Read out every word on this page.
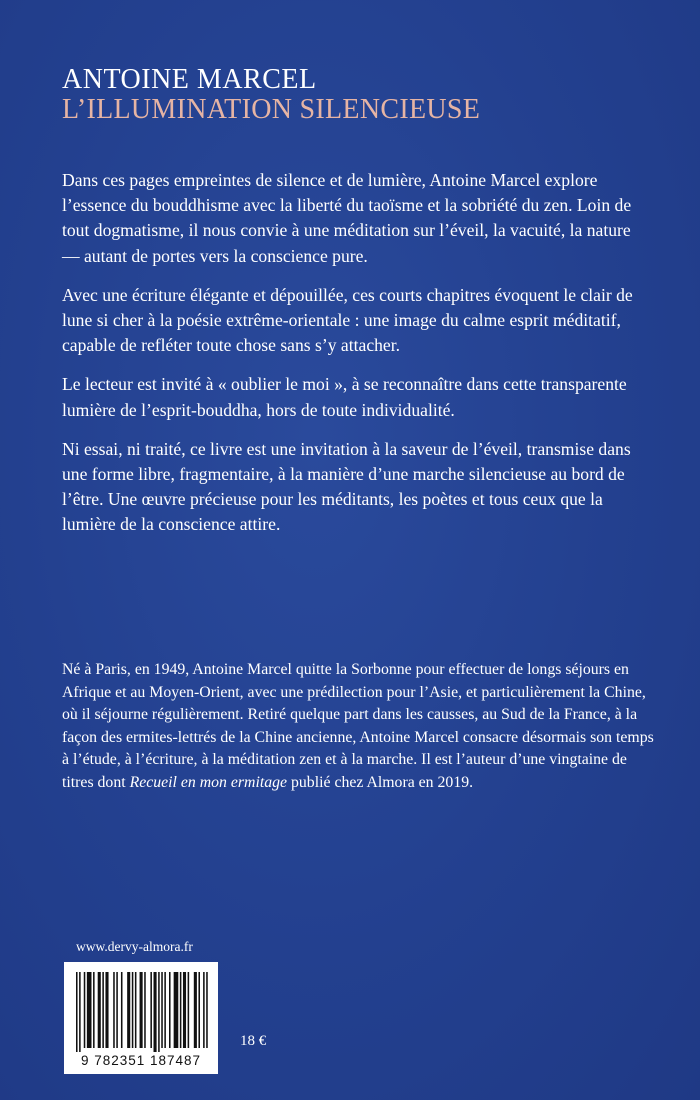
ANTOINE MARCEL
L’ILLUMINATION SILENCIEUSE

Dans ces pages empreintes de silence et de lumière, Antoine Marcel explore l’essence du bouddhisme avec la liberté du taoïsme et la sobriété du zen. Loin de tout dogmatisme, il nous convie à une méditation sur l’éveil, la vacuité, la nature — autant de portes vers la conscience pure.

Avec une écriture élégante et dépouillée, ces courts chapitres évoquent le clair de lune si cher à la poésie extrême-orientale : une image du calme esprit méditatif, capable de refléter toute chose sans s’y attacher.

Le lecteur est invité à « oublier le moi », à se reconnaître dans cette transparente lumière de l’esprit-bouddha, hors de toute individualité.

Ni essai, ni traité, ce livre est une invitation à la saveur de l’éveil, transmise dans une forme libre, fragmentaire, à la manière d’une marche silencieuse au bord de l’être. Une œuvre précieuse pour les méditants, les poètes et tous ceux que la lumière de la conscience attire.

Né à Paris, en 1949, Antoine Marcel quitte la Sorbonne pour effectuer de longs séjours en Afrique et au Moyen-Orient, avec une prédilection pour l’Asie, et particulièrement la Chine, où il séjourne régulièrement. Retiré quelque part dans les causses, au Sud de la France, à la façon des ermites-lettrés de la Chine ancienne, Antoine Marcel consacre désormais son temps à l’étude, à l’écriture, à la méditation zen et à la marche. Il est l’auteur d’une vingtaine de titres dont Recueil en mon ermitage publié chez Almora en 2019.

www.dervy-almora.fr
9 782351 187487
18 €
